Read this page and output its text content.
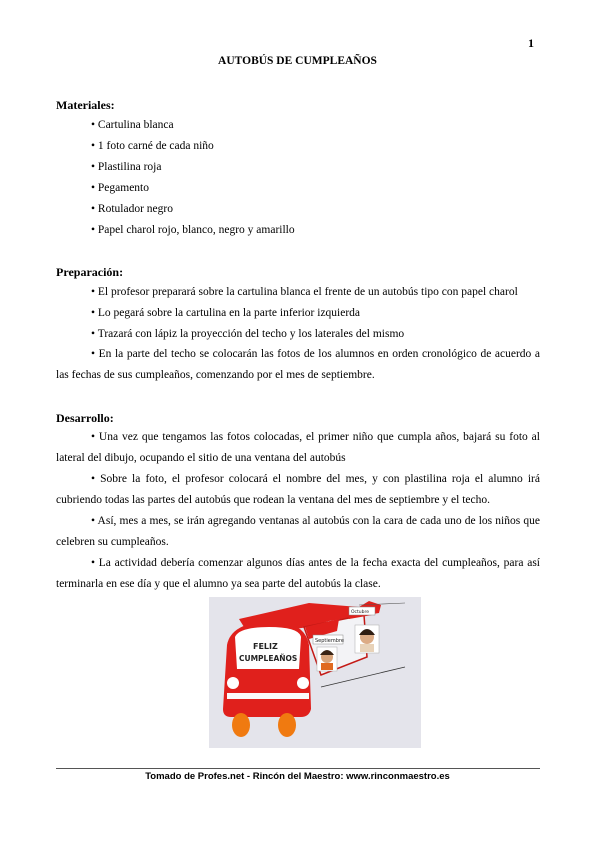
1
AUTOBÚS DE CUMPLEAÑOS
Materiales:
• Cartulina blanca
• 1 foto carné de cada niño
• Plastilina roja
• Pegamento
• Rotulador negro
• Papel charol rojo, blanco, negro y amarillo
Preparación:
• El profesor preparará sobre la cartulina blanca el frente de un autobús tipo con papel charol
• Lo pegará sobre la cartulina en la parte inferior izquierda
• Trazará con lápiz la proyección del techo y los laterales del mismo
• En la parte del techo se colocarán las fotos de los alumnos en orden cronológico de acuerdo a las fechas de sus cumpleaños, comenzando por el mes de septiembre.
Desarrollo:
• Una vez que tengamos las fotos colocadas, el primer niño que cumpla años, bajará su foto al lateral del dibujo, ocupando el sitio de una ventana del autobús
• Sobre la foto, el profesor colocará el nombre del mes, y con plastilina roja el alumno irá cubriendo todas las partes del autobús que rodean la ventana del mes de septiembre y el techo.
• Así, mes a mes, se irán agregando ventanas al autobús con la cara de cada uno de los niños que celebren su cumpleaños.
• La actividad debería comenzar algunos días antes de la fecha exacta del cumpleaños, para así terminarla en ese día y que el alumno ya sea parte del autobús la clase.
Septiembre
Octubre
FELIZ
CUMPLEAÑOS
Tomado de Profes.net - Rincón del Maestro: www.rinconmaestro.es
